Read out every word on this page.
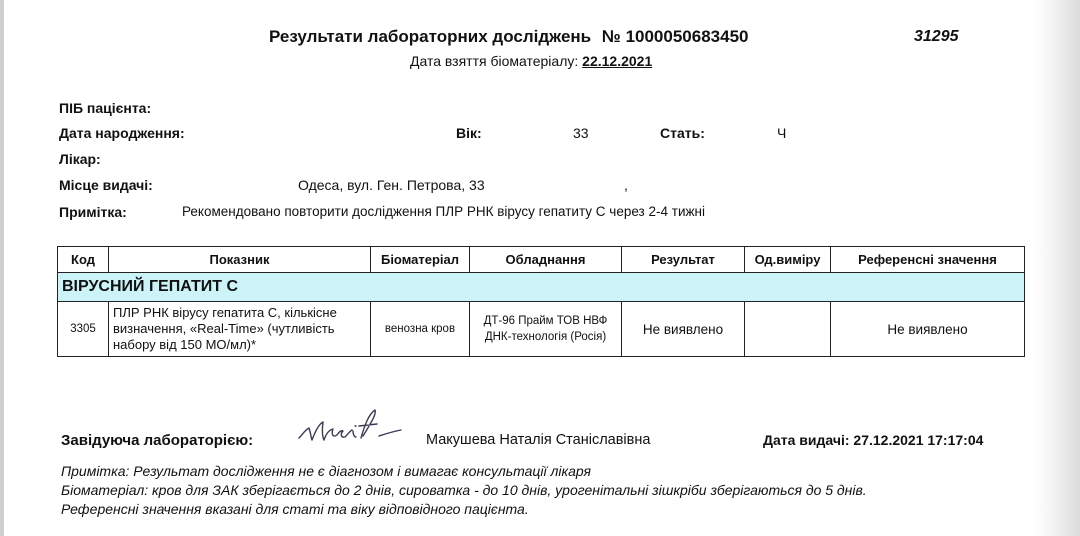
Результати лабораторних досліджень № 1000050683450	31295
Дата взяття біоматеріалу: 22.12.2021
ПІБ пацієнта:
Дата народження:	Вік:	33	Стать:	Ч
Лікар:
Місце видачі:	Одеса, вул. Ген. Петрова, 33	,
Примітка:	Рекомендовано повторити дослідження ПЛР РНК вірусу гепатиту С через 2-4 тижні
Код	Показник	Біоматеріал	Обладнання	Результат	Од.виміру	Референсні значення
ВІРУСНИЙ ГЕПАТИТ С						
3305	ПЛР РНК вірусу гепатита С, кількісне визначення, «Real-Time» (чутливість набору від 150 МО/мл)*	венозна кров	ДТ-96 Прайм ТОВ НВФ ДНК-технологія (Росія)	Не виявлено		Не виявлено
Завідуюча лабораторією:	Макушева Наталія Станіславівна	Дата видачі: 27.12.2021 17:17:04
Примітка: Результат дослідження не є діагнозом і вимагає консультації лікаря
Біоматеріал: кров для ЗАК зберігається до 2 днів, сироватка - до 10 днів, урогенітальні зішкріби зберігаються до 5 днів.
Референсні значення вказані для статі та віку відповідного пацієнта.
